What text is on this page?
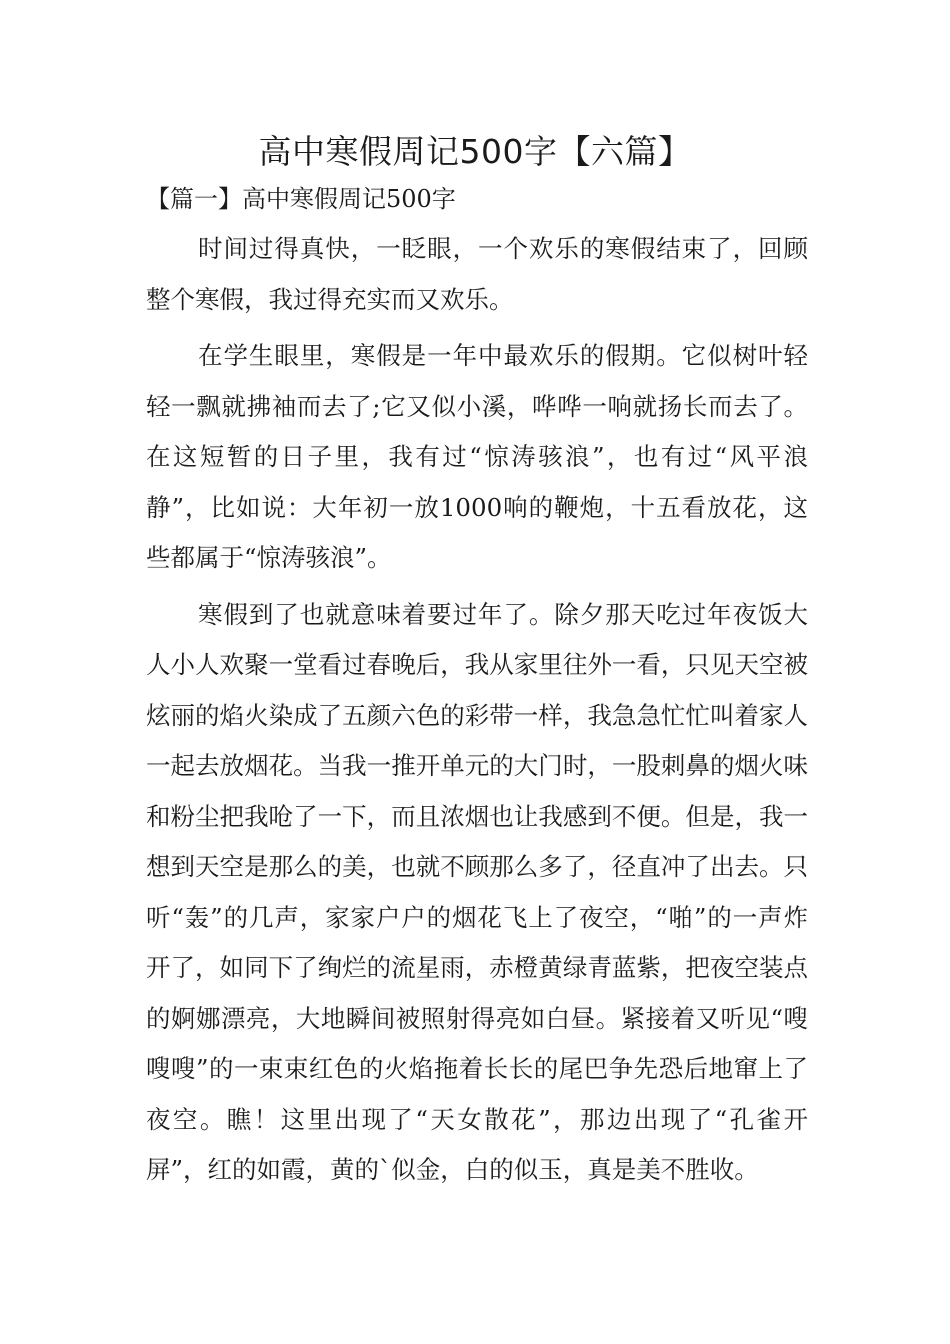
高中寒假周记500字【六篇】
【篇一】高中寒假周记500字

时间过得真快，一眨眼，一个欢乐的寒假结束了，回顾整个寒假，我过得充实而又欢乐。

在学生眼里，寒假是一年中最欢乐的假期。它似树叶轻轻一飘就拂袖而去了;它又似小溪，哗哗一响就扬长而去了。在这短暂的日子里，我有过“惊涛骇浪”，也有过“风平浪静”，比如说：大年初一放1000响的鞭炮，十五看放花，这些都属于“惊涛骇浪”。

寒假到了也就意味着要过年了。除夕那天吃过年夜饭大人小人欢聚一堂看过春晚后，我从家里往外一看，只见天空被炫丽的焰火染成了五颜六色的彩带一样，我急急忙忙叫着家人一起去放烟花。当我一推开单元的大门时，一股刺鼻的烟火味和粉尘把我呛了一下，而且浓烟也让我感到不便。但是，我一想到天空是那么的美，也就不顾那么多了，径直冲了出去。只听“轰”的几声，家家户户的烟花飞上了夜空，“啪”的一声炸开了，如同下了绚烂的流星雨，赤橙黄绿青蓝紫，把夜空装点的婀娜漂亮，大地瞬间被照射得亮如白昼。紧接着又听见“嗖嗖嗖”的一束束红色的火焰拖着长长的尾巴争先恐后地窜上了夜空。瞧！这里出现了“天女散花”，那边出现了“孔雀开屏”，红的如霞，黄的`似金，白的似玉，真是美不胜收。
